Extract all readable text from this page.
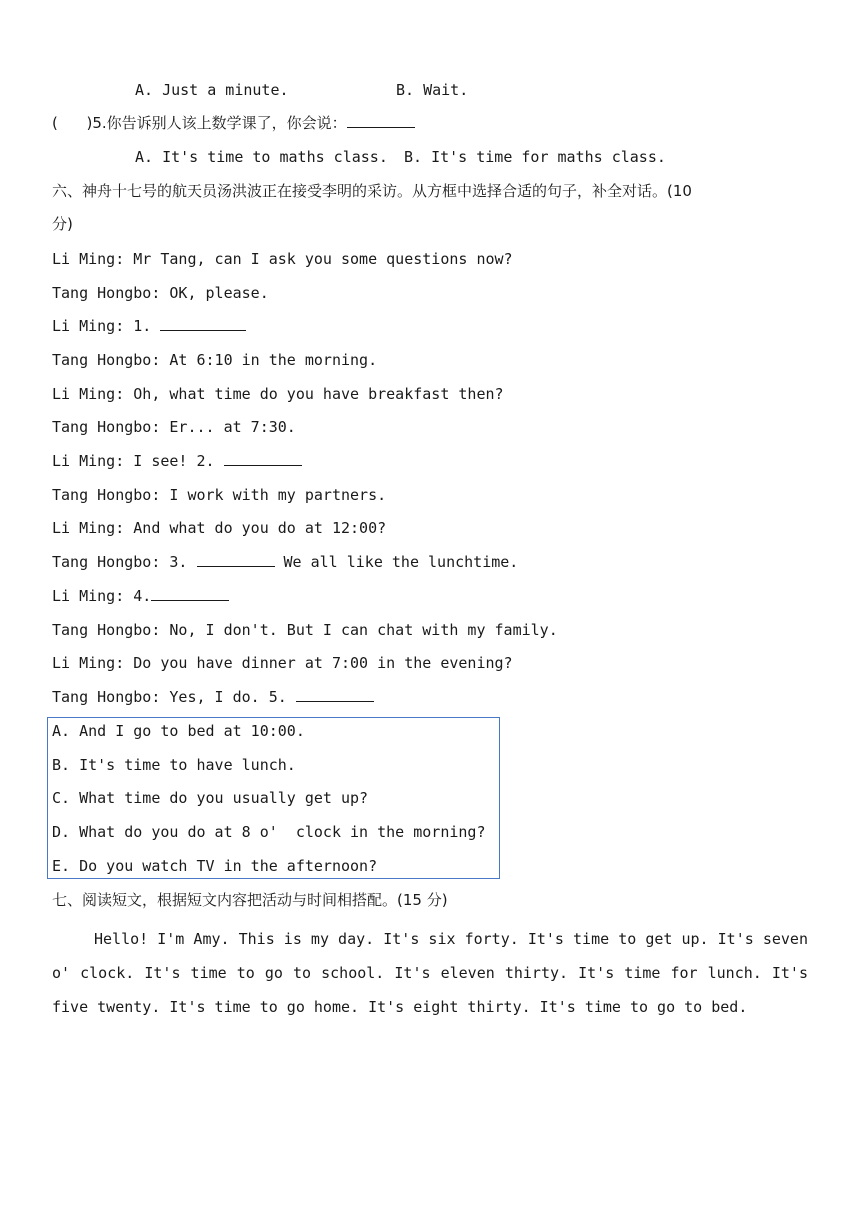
A. Just a minute.	B. Wait.
(      )5.你告诉别人该上数学课了，你会说：
A. It's time to maths class. B. It's time for maths class.
六、神舟十七号的航天员汤洪波正在接受李明的采访。从方框中选择合适的句子，补全对话。(10
分)
Li Ming: Mr Tang, can I ask you some questions now?
Tang Hongbo: OK, please.
Li Ming: 1.
Tang Hongbo: At 6:10 in the morning.
Li Ming: Oh, what time do you have breakfast then?
Tang Hongbo: Er... at 7:30.
Li Ming: I see! 2.
Tang Hongbo: I work with my partners.
Li Ming: And what do you do at 12:00?
Tang Hongbo: 3.	We all like the lunchtime.
Li Ming: 4.
Tang Hongbo: No, I don't. But I can chat with my family.
Li Ming: Do you have dinner at 7:00 in the evening?
Tang Hongbo: Yes, I do. 5.
A. And I go to bed at 10:00.
B. It's time to have lunch.
C. What time do you usually get up?
D. What do you do at 8 o'  clock in the morning?
E. Do you watch TV in the afternoon?
七、阅读短文，根据短文内容把活动与时间相搭配。(15 分)
Hello! I'm Amy. This is my day. It's six forty. It's time to get up. It's seven o' clock. It's time to go to school. It's eleven thirty. It's time for lunch. It's five twenty. It's time to go home. It's eight thirty. It's time to go to bed.
